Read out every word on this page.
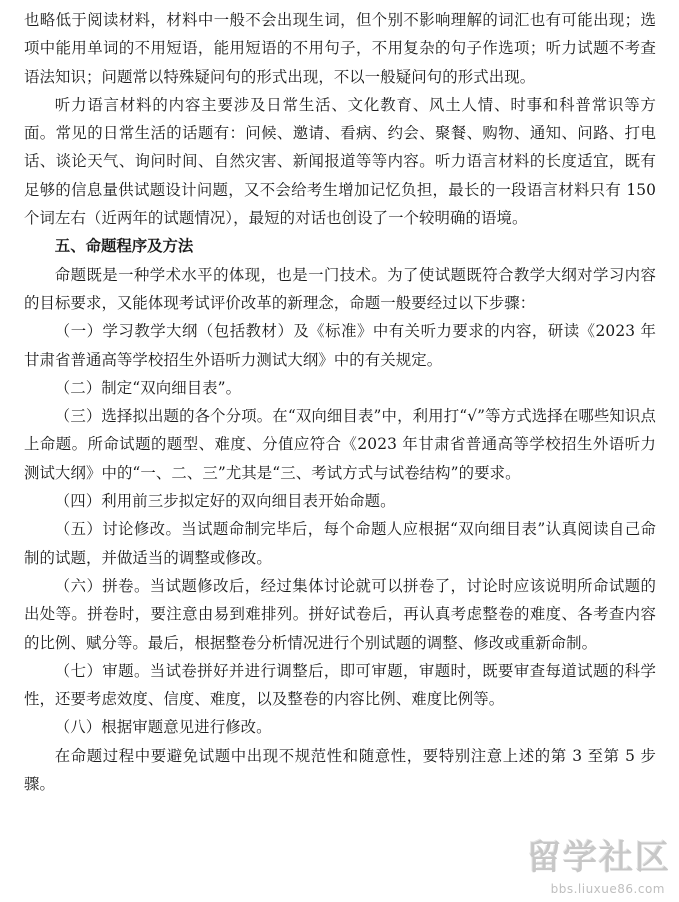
也略低于阅读材料，材料中一般不会出现生词，但个别不影响理解的词汇也有可能出现；选项中能用单词的不用短语，能用短语的不用句子，不用复杂的句子作选项；听力试题不考查语法知识；问题常以特殊疑问句的形式出现，不以一般疑问句的形式出现。

听力语言材料的内容主要涉及日常生活、文化教育、风土人情、时事和科普常识等方面。常见的日常生活的话题有：问候、邀请、看病、约会、聚餐、购物、通知、问路、打电话、谈论天气、询问时间、自然灾害、新闻报道等等内容。听力语言材料的长度适宜，既有足够的信息量供试题设计问题，又不会给考生增加记忆负担，最长的一段语言材料只有 150 个词左右（近两年的试题情况），最短的对话也创设了一个较明确的语境。

五、命题程序及方法

命题既是一种学术水平的体现，也是一门技术。为了使试题既符合教学大纲对学习内容的目标要求，又能体现考试评价改革的新理念，命题一般要经过以下步骤：

（一）学习教学大纲（包括教材）及《标准》中有关听力要求的内容，研读《2023 年甘肃省普通高等学校招生外语听力测试大纲》中的有关规定。

（二）制定“双向细目表”。

（三）选择拟出题的各个分项。在“双向细目表”中，利用打“√”等方式选择在哪些知识点上命题。所命试题的题型、难度、分值应符合《2023 年甘肃省普通高等学校招生外语听力测试大纲》中的“一、二、三”尤其是“三、考试方式与试卷结构”的要求。

（四）利用前三步拟定好的双向细目表开始命题。

（五）讨论修改。当试题命制完毕后，每个命题人应根据“双向细目表”认真阅读自己命制的试题，并做适当的调整或修改。

（六）拼卷。当试题修改后，经过集体讨论就可以拼卷了，讨论时应该说明所命试题的出处等。拼卷时，要注意由易到难排列。拼好试卷后，再认真考虑整卷的难度、各考查内容的比例、赋分等。最后，根据整卷分析情况进行个别试题的调整、修改或重新命制。

（七）审题。当试卷拼好并进行调整后，即可审题，审题时，既要审查每道试题的科学性，还要考虑效度、信度、难度，以及整卷的内容比例、难度比例等。

（八）根据审题意见进行修改。

在命题过程中要避免试题中出现不规范性和随意性，要特别注意上述的第 3 至第 5 步骤。

留学社区
bbs.liuxue86.com
